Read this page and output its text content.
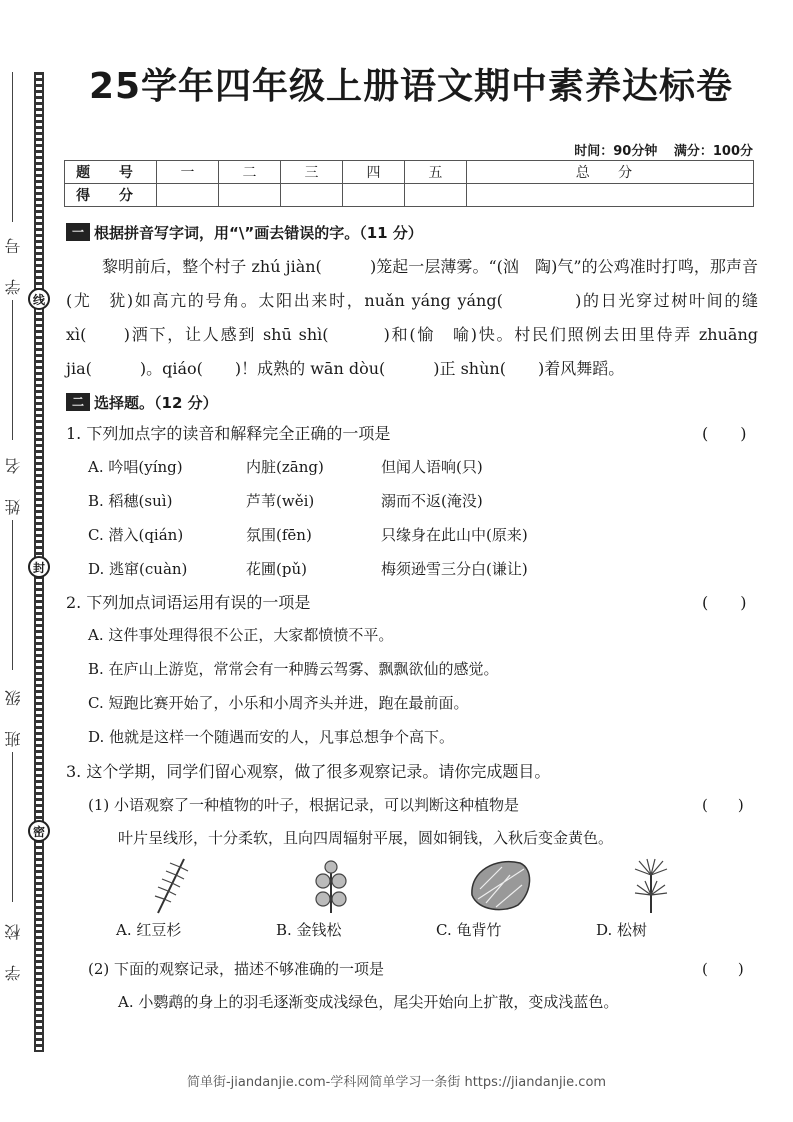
学 号
姓 名
班 级
学 校
线
封
密
25学年四年级上册语文期中素养达标卷
时间：90分钟 满分：100分
题 号	一	二	三	四	五	总 分
得 分						
一 根据拼音写字词，用“\”画去错误的字。（11 分）
黎明前后，整个村子 zhú jiàn(　　　)笼起一层薄雾。“(汹　陶)气”的公鸡准时打鸣，那声音(尤　犹)如高亢的号角。太阳出来时，nuǎn yáng yáng(　　　　)的日光穿过树叶间的缝 xì(　　)洒下，让人感到 shū shì(　　　)和(愉　喻)快。村民们照例去田里侍弄 zhuāng jia(　　　)。qiáo(　　)！成熟的 wān dòu(　　　)正 shùn(　　)着风舞蹈。
二 选择题。（12 分）
1. 下列加点字的读音和解释完全正确的一项是	(　　)
A. 吟唱(yíng)	内脏(zāng)	但闻人语响(只)
B. 稻穗(suì)	芦苇(wěi)	溺而不返(淹没)
C. 潜入(qián)	氛围(fēn)	只缘身在此山中(原来)
D. 逃窜(cuàn)	花圃(pǔ)	梅须逊雪三分白(谦让)
2. 下列加点词语运用有误的一项是	(　　)
A. 这件事处理得很不公正，大家都愤愤不平。
B. 在庐山上游览，常常会有一种腾云驾雾、飘飘欲仙的感觉。
C. 短跑比赛开始了，小乐和小周齐头并进，跑在最前面。
D. 他就是这样一个随遇而安的人，凡事总想争个高下。
3. 这个学期，同学们留心观察，做了很多观察记录。请你完成题目。
(1) 小语观察了一种植物的叶子，根据记录，可以判断这种植物是	(　　)
叶片呈线形，十分柔软，且向四周辐射平展，圆如铜钱，入秋后变金黄色。
A. 红豆杉	B. 金钱松	C. 龟背竹	D. 松树
(2) 下面的观察记录，描述不够准确的一项是	(　　)
A. 小鹦鹉的身上的羽毛逐渐变成浅绿色，尾尖开始向上扩散，变成浅蓝色。
简单街-jiandanjie.com-学科网简单学习一条街 https://jiandanjie.com
